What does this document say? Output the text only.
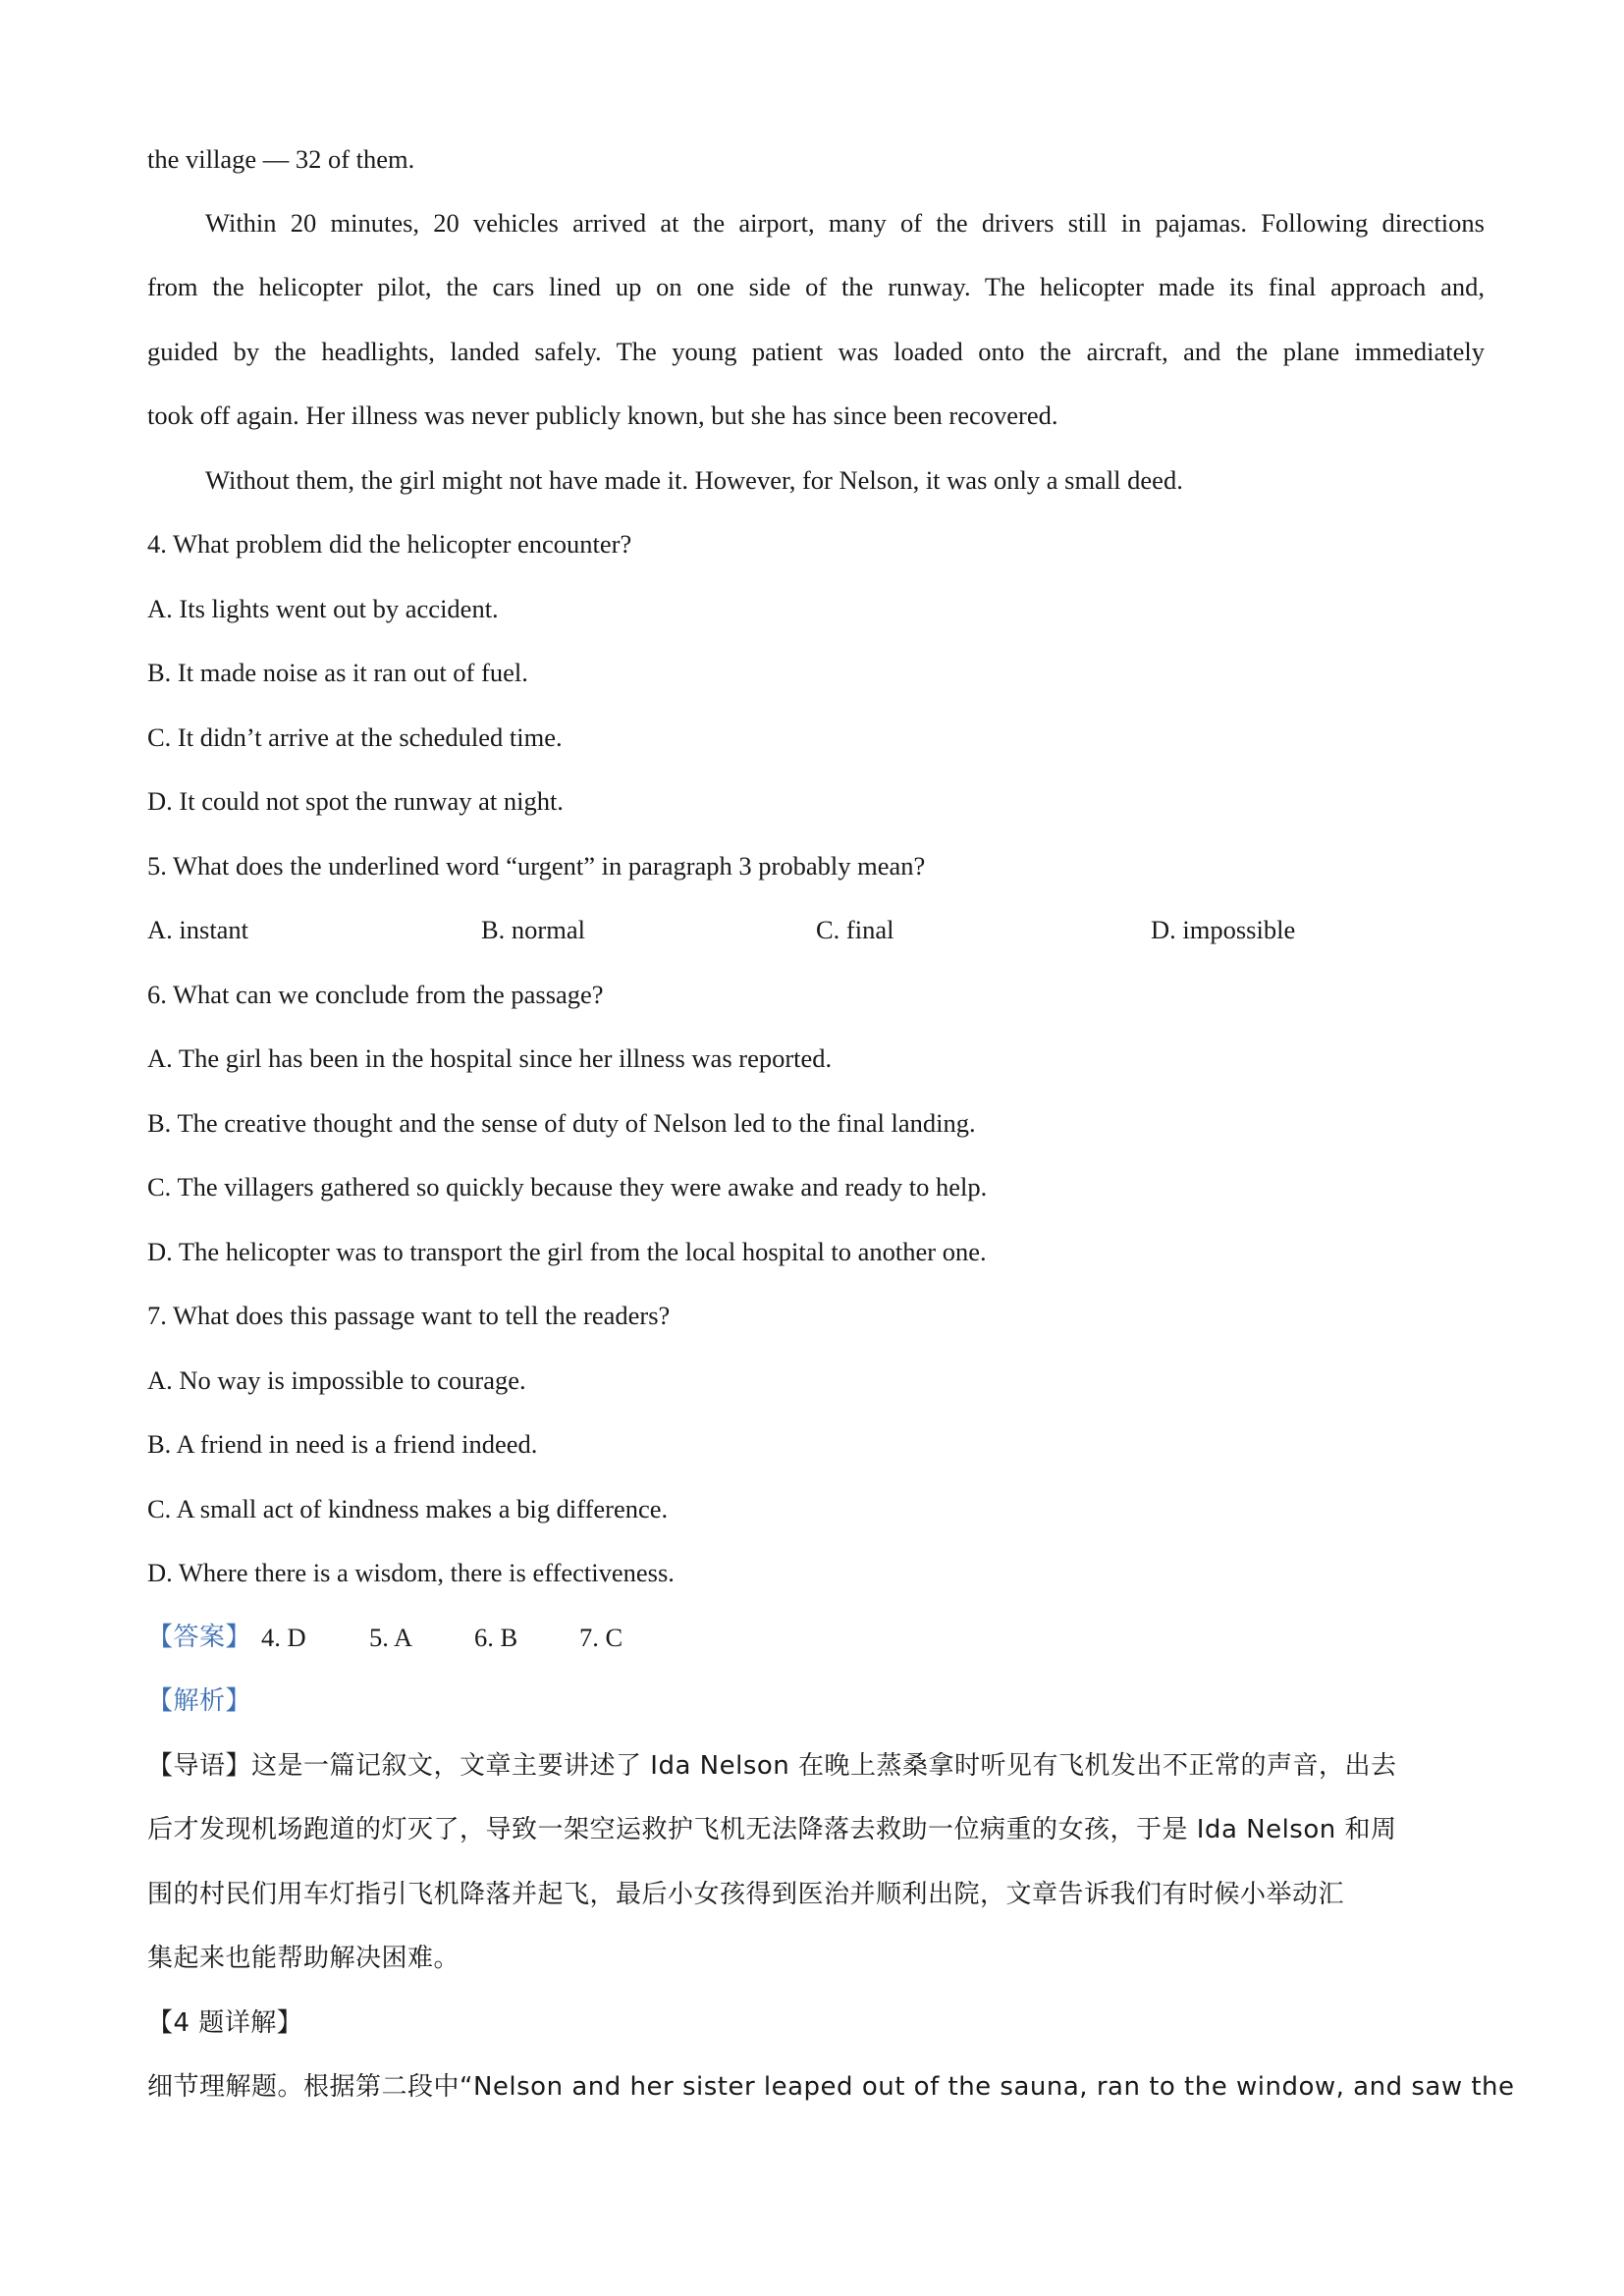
the village — 32 of them.
Within 20 minutes, 20 vehicles arrived at the airport, many of the drivers still in pajamas. Following directions
from the helicopter pilot, the cars lined up on one side of the runway. The helicopter made its final approach and,
guided by the headlights, landed safely. The young patient was loaded onto the aircraft, and the plane immediately
took off again. Her illness was never publicly known, but she has since been recovered.
Without them, the girl might not have made it. However, for Nelson, it was only a small deed.
4. What problem did the helicopter encounter?
A. Its lights went out by accident.
B. It made noise as it ran out of fuel.
C. It didn’t arrive at the scheduled time.
D. It could not spot the runway at night.
5. What does the underlined word “urgent” in paragraph 3 probably mean?
A. instant	B. normal	C. final	D. impossible
6. What can we conclude from the passage?
A. The girl has been in the hospital since her illness was reported.
B. The creative thought and the sense of duty of Nelson led to the final landing.
C. The villagers gathered so quickly because they were awake and ready to help.
D. The helicopter was to transport the girl from the local hospital to another one.
7. What does this passage want to tell the readers?
A. No way is impossible to courage.
B. A friend in need is a friend indeed.
C. A small act of kindness makes a big difference.
D. Where there is a wisdom, there is effectiveness.
【答案】 4. D 5. A 6. B 7. C
【解析】
【导语】这是一篇记叙文，文章主要讲述了 Ida Nelson 在晚上蒸桑拿时听见有飞机发出不正常的声音，出去
后才发现机场跑道的灯灭了，导致一架空运救护飞机无法降落去救助一位病重的女孩，于是 Ida Nelson 和周
围的村民们用车灯指引飞机降落并起飞，最后小女孩得到医治并顺利出院，文章告诉我们有时候小举动汇
集起来也能帮助解决困难。
【4 题详解】
细节理解题。根据第二段中“Nelson and her sister leaped out of the sauna, ran to the window, and saw the
